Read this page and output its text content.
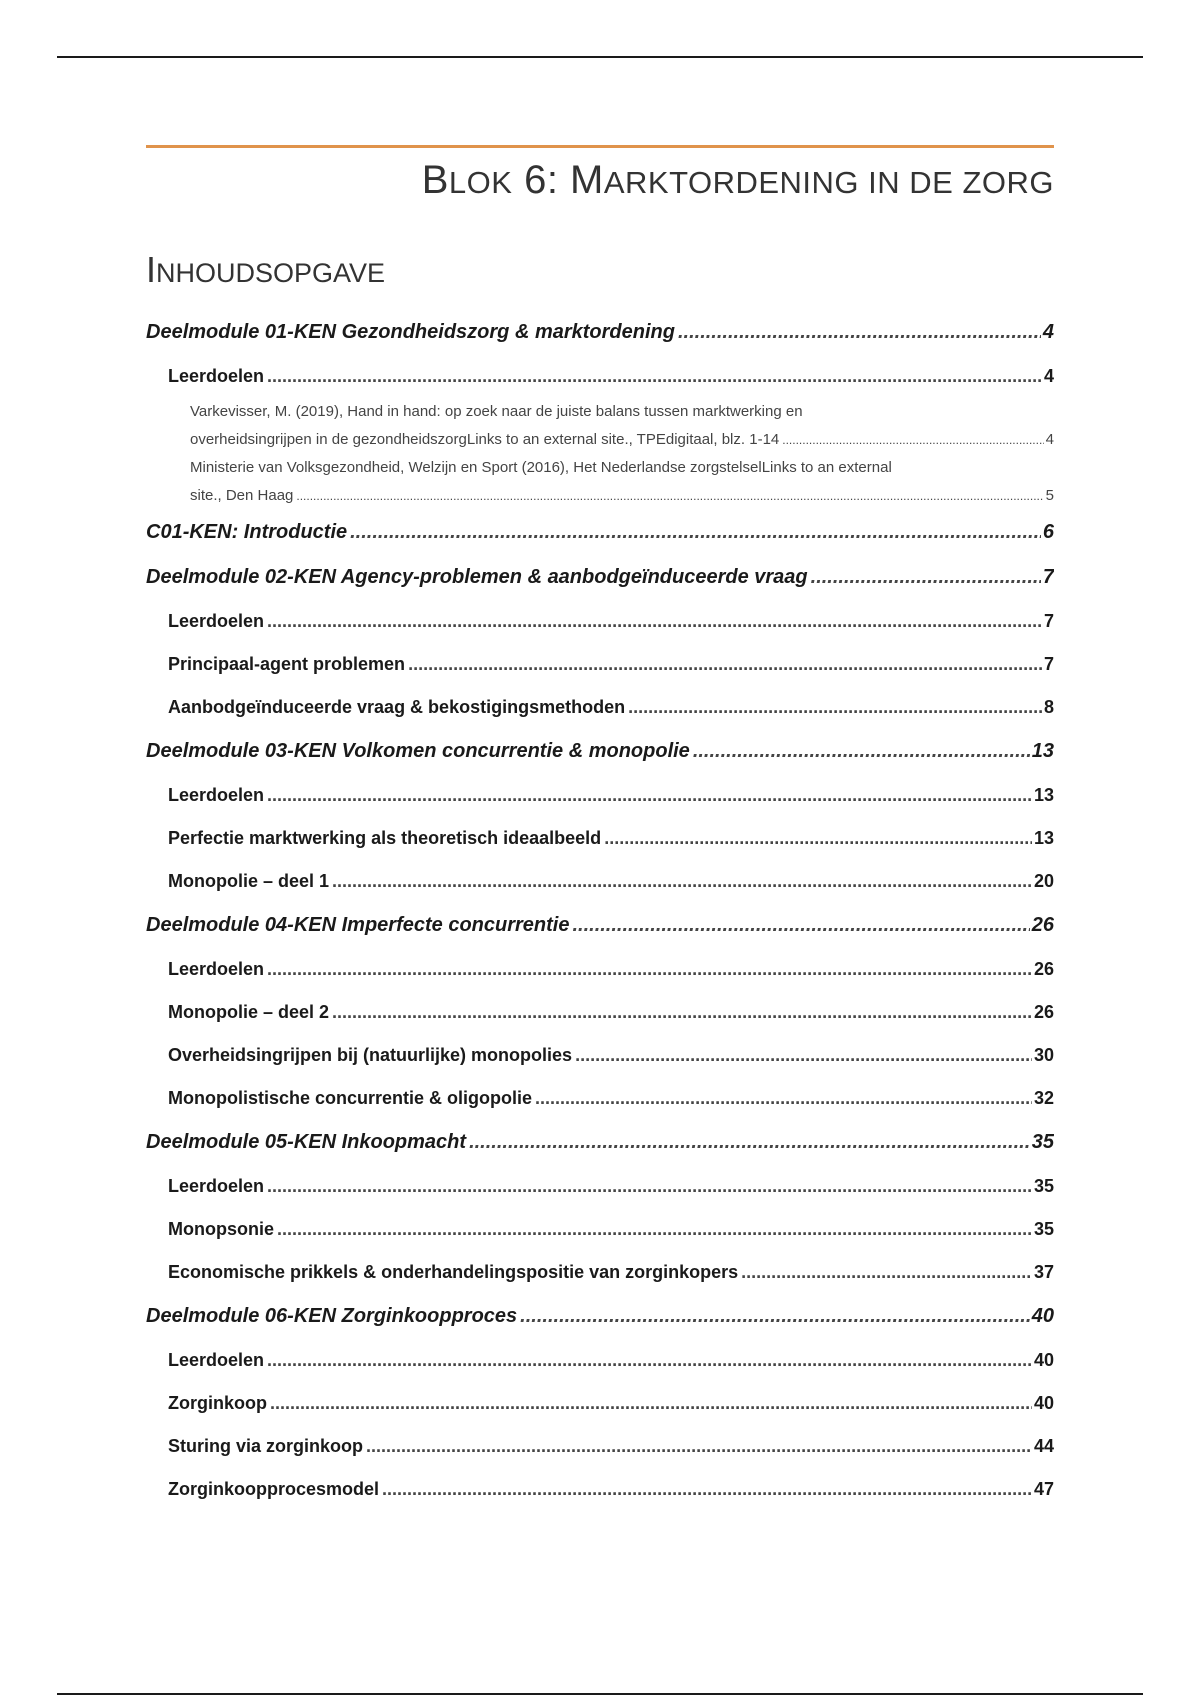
BLOK 6: MARKTORDENING IN DE ZORG
INHOUDSOPGAVE
Deelmodule 01-KEN Gezondheidszorg & marktordening .....	4
Leerdoelen .....	4
Varkevisser, M. (2019), Hand in hand: op zoek naar de juiste balans tussen marktwerking en
overheidsingrijpen in de gezondheidszorgLinks to an external site., TPEdigitaal, blz. 1-14 .....	4
Ministerie van Volksgezondheid, Welzijn en Sport (2016), Het Nederlandse zorgstelselLinks to an external
site., Den Haag .....	5
C01-KEN: Introductie .....	6
Deelmodule 02-KEN Agency-problemen & aanbodgeïnduceerde vraag .....	7
Leerdoelen .....	7
Principaal-agent problemen .....	7
Aanbodgeïnduceerde vraag & bekostigingsmethoden .....	8
Deelmodule 03-KEN Volkomen concurrentie & monopolie .....	13
Leerdoelen .....	13
Perfectie marktwerking als theoretisch ideaalbeeld .....	13
Monopolie – deel 1 .....	20
Deelmodule 04-KEN Imperfecte concurrentie .....	26
Leerdoelen .....	26
Monopolie – deel 2 .....	26
Overheidsingrijpen bij (natuurlijke) monopolies .....	30
Monopolistische concurrentie & oligopolie .....	32
Deelmodule 05-KEN Inkoopmacht .....	35
Leerdoelen .....	35
Monopsonie .....	35
Economische prikkels & onderhandelingspositie van zorginkopers .....	37
Deelmodule 06-KEN Zorginkoopproces .....	40
Leerdoelen .....	40
Zorginkoop .....	40
Sturing via zorginkoop .....	44
Zorginkoopprocesmodel .....	47
